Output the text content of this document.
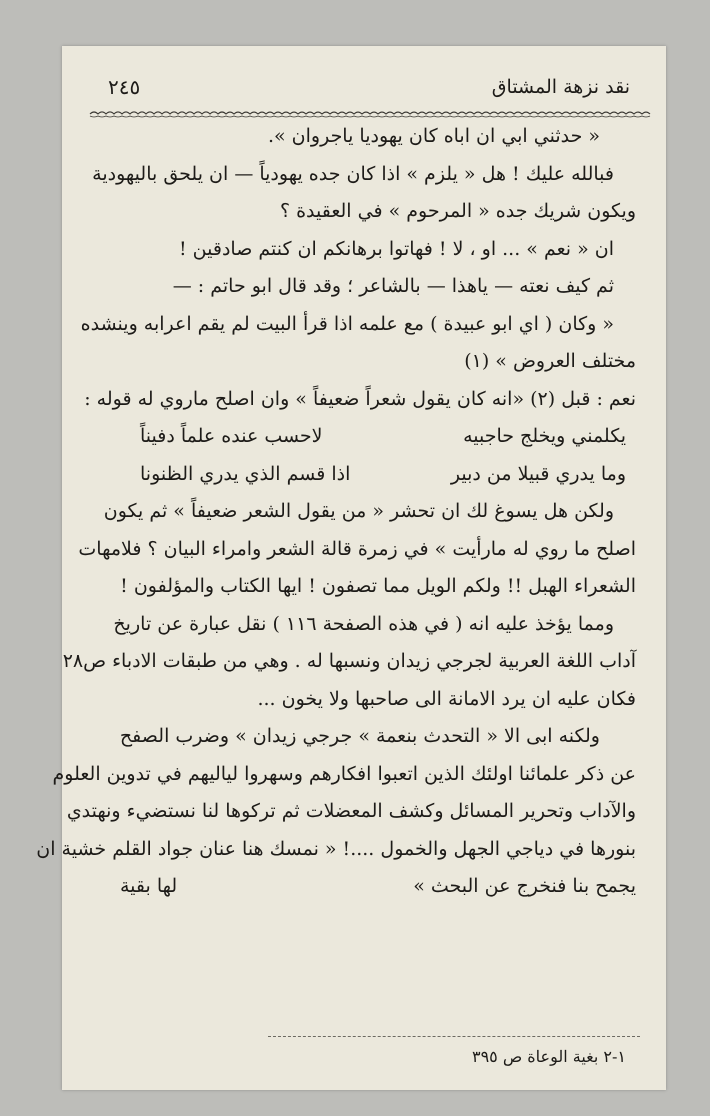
نقد نزهة المشتاق
٢٤٥
« حدثني ابي ان اباه كان يهوديا ياجروان ».
فبالله عليك ! هل « يلزم » اذا كان جده يهودياً — ان يلحق باليهودية
ويكون شريك جده « المرحوم » في العقيدة ؟
ان « نعم » ... او ، لا ! فهاتوا برهانكم ان كنتم صادقين !
ثم كيف نعته — ياهذا — بالشاعر ؛ وقد قال ابو حاتم : —
« وكان ( اي ابو عبيدة ) مع علمه اذا قرأ البيت لم يقم اعرابه وينشده
مختلف العروض » (١)
نعم : قبل (٢) «انه كان يقول شعراً ضعيفاً » وان اصلح ماروي له قوله :
يكلمني ويخلج حاجبيه
لاحسب عنده علماً دفيناً
وما يدري قبيلا من دبير
اذا قسم الذي يدري الظنونا
ولكن هل يسوغ لك ان تحشر « من يقول الشعر ضعيفاً » ثم يكون
اصلح ما روي له مارأيت » في زمرة قالة الشعر وامراء البيان ؟ فلامهات
الشعراء الهبل !! ولكم الويل مما تصفون ! ايها الكتاب والمؤلفون !
ومما يؤخذ عليه انه ( في هذه الصفحة ١١٦ ) نقل عبارة عن تاريخ
آداب اللغة العربية لجرجي زيدان ونسبها له . وهي من طبقات الادباء ص٢٨
فكان عليه ان يرد الامانة الى صاحبها ولا يخون ...
ولكنه ابى الا « التحدث بنعمة » جرجي زيدان » وضرب الصفح
عن ذكر علمائنا اولئك الذين اتعبوا افكارهم وسهروا لياليهم في تدوين العلوم
والآداب وتحرير المسائل وكشف المعضلات ثم تركوها لنا نستضيء ونهتدي
بنورها في دياجي الجهل والخمول ....! « نمسك هنا عنان جواد القلم خشية ان
يجمح بنا فنخرج عن البحث »
لها بقية
١-٢ بغية الوعاة ص ٣٩٥
